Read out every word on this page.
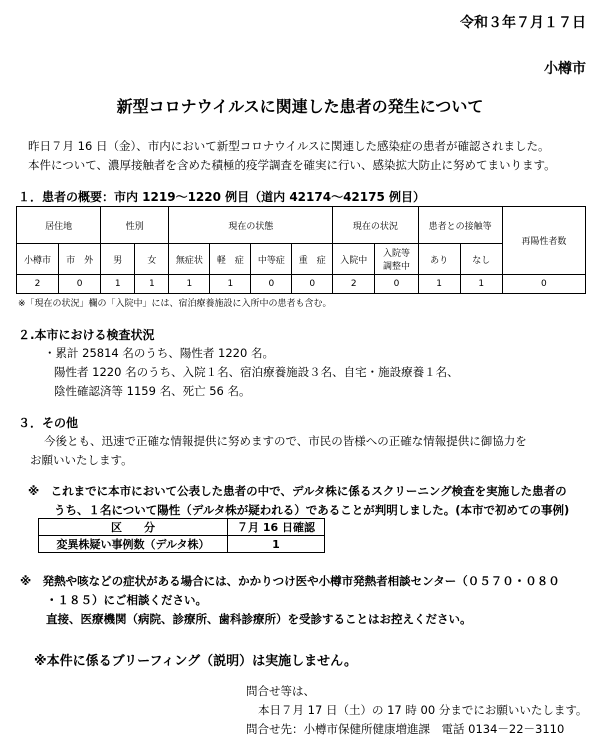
令和３年７月１７日
小樽市
新型コロナウイルスに関連した患者の発生について
昨日７月 16 日（金）、市内において新型コロナウイルスに関連した感染症の患者が確認されました。
本件について、濃厚接触者を含めた積極的疫学調査を確実に行い、感染拡大防止に努めてまいります。
１．患者の概要：市内 1219～1220 例目（道内 42174～42175 例目）
居住地		性別		現在の状態				現在の状況		患者との接触等		再陽性者数
小樽市	市　外	男	女	無症状	軽　症	中等症	重　症	入院中	入院等
調整中	あり	なし	
2	0	1	1	1	1	0	0	2	0	1	1	0
※「現在の状況」欄の「入院中」には、宿泊療養施設に入所中の患者も含む。
２.本市における検査状況
・累計 25814 名のうち、陽性者 1220 名。
陽性者 1220 名のうち、入院１名、宿泊療養施設３名、自宅・施設療養１名、
陰性確認済等 1159 名、死亡 56 名。
３．その他
今後とも、迅速で正確な情報提供に努めますので、市民の皆様への正確な情報提供に御協力を
お願いいたします。
※　これまでに本市において公表した患者の中で、デルタ株に係るスクリーニング検査を実施した患者の
うち、１名について陽性（デルタ株が疑われる）であることが判明しました。(本市で初めての事例)
区　　分	７月 16 日確認
変異株疑い事例数（デルタ株）	1
※　発熱や咳などの症状がある場合には、かかりつけ医や小樽市発熱者相談センター（０５７０・０８０
・１８５）にご相談ください。
直接、医療機関（病院、診療所、歯科診療所）を受診することはお控えください。
※本件に係るブリーフィング（説明）は実施しません。
問合せ等は、
本日７月 17 日（土）の 17 時 00 分までにお願いいたします。
問合せ先：小樽市保健所健康増進課　電話 0134－22－3110
